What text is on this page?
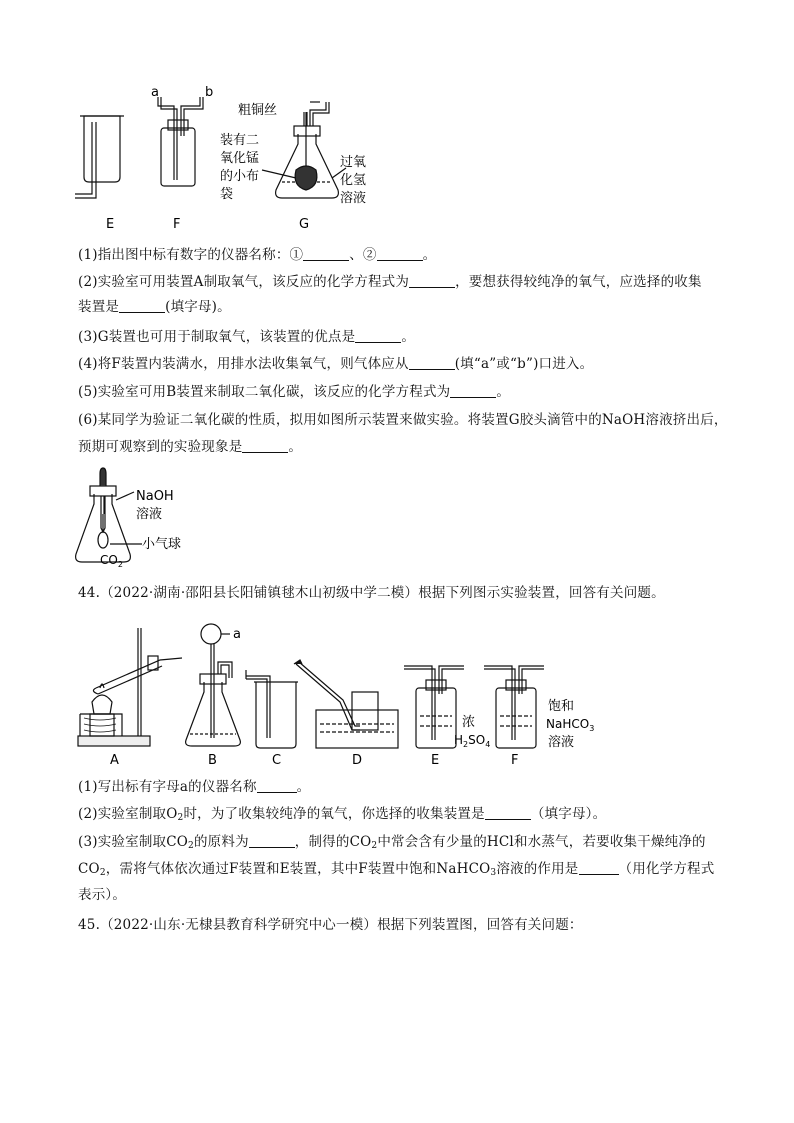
a	b
粗铜丝
装有二
氧化锰
的小布
袋
过氧
化氢
溶液
E	F	G
(1)指出图中标有数字的仪器名称：①	、②	。
(2)实验室可用装置A制取氧气，该反应的化学方程式为	，要想获得较纯净的氧气，应选择的收集
装置是	(填字母)。
(3)G装置也可用于制取氧气，该装置的优点是	。
(4)将F装置内装满水，用排水法收集氧气，则气体应从	(填“a”或“b”)口进入。
(5)实验室可用B装置来制取二氧化碳，该反应的化学方程式为	。
(6)某同学为验证二氧化碳的性质，拟用如图所示装置来做实验。将装置G胶头滴管中的NaOH溶液挤出后，
预期可观察到的实验现象是	。
NaOH
溶液
小气球
$CO_2$
44.（2022·湖南·邵阳县长阳铺镇毬木山初级中学二模）根据下列图示实验装置，回答有关问题。
a
浓
$H_2SO_4$
饱和
NaHCO$_3$
溶液
A	B	C	D	E	F
(1)写出标有字母a的仪器名称	。
(2)实验室制取$O_2$时，为了收集较纯净的氧气，你选择的收集装置是	（填字母）。
(3)实验室制取$CO_2$的原料为	，制得的$CO_2$中常会含有少量的HCl和水蒸气，若要收集干燥纯净的
$CO_2$，需将气体依次通过F装置和E装置，其中F装置中饱和NaHCO$_3$溶液的作用是	（用化学方程式
表示）。
45.（2022·山东·无棣县教育科学研究中心一模）根据下列装置图，回答有关问题：
